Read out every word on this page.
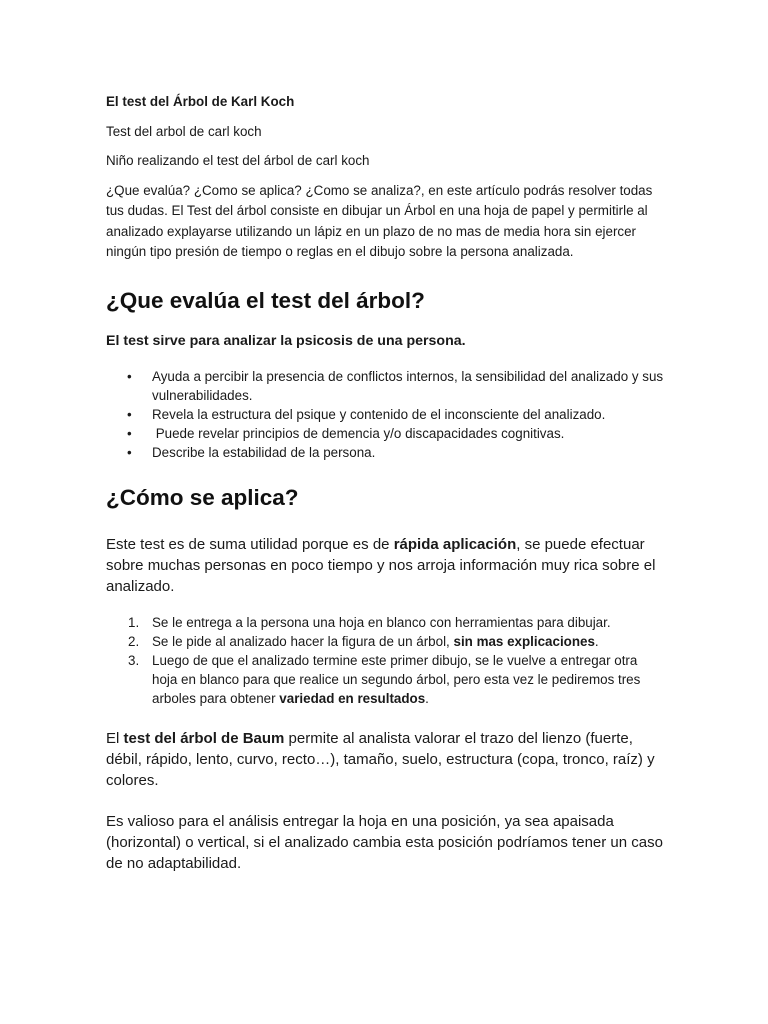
El test del Árbol de Karl Koch

Test del arbol de carl koch

Niño realizando el test del árbol de carl koch

¿Que evalúa? ¿Como se aplica? ¿Como se analiza?, en este artículo podrás resolver todas tus dudas. El Test del árbol consiste en dibujar un Árbol en una hoja de papel y permitirle al analizado explayarse utilizando un lápiz en un plazo de no mas de media hora sin ejercer ningún tipo presión de tiempo o reglas en el dibujo sobre la persona analizada.

¿Que evalúa el test del árbol?

El test sirve para analizar la psicosis de una persona.

• Ayuda a percibir la presencia de conflictos internos, la sensibilidad del analizado y sus vulnerabilidades.
• Revela la estructura del psique y contenido de el inconsciente del analizado.
• Puede revelar principios de demencia y/o discapacidades cognitivas.
• Describe la estabilidad de la persona.
¿Cómo se aplica?

Este test es de suma utilidad porque es de rápida aplicación, se puede efectuar sobre muchas personas en poco tiempo y nos arroja información muy rica sobre el analizado.

1. Se le entrega a la persona una hoja en blanco con herramientas para dibujar.
2. Se le pide al analizado hacer la figura de un árbol, sin mas explicaciones.
3. Luego de que el analizado termine este primer dibujo, se le vuelve a entregar otra hoja en blanco para que realice un segundo árbol, pero esta vez le pediremos tres arboles para obtener variedad en resultados.

El test del árbol de Baum permite al analista valorar el trazo del lienzo (fuerte, débil, rápido, lento, curvo, recto…), tamaño, suelo, estructura (copa, tronco, raíz) y colores.

Es valioso para el análisis entregar la hoja en una posición, ya sea apaisada (horizontal) o vertical, si el analizado cambia esta posición podríamos tener un caso de no adaptabilidad.
